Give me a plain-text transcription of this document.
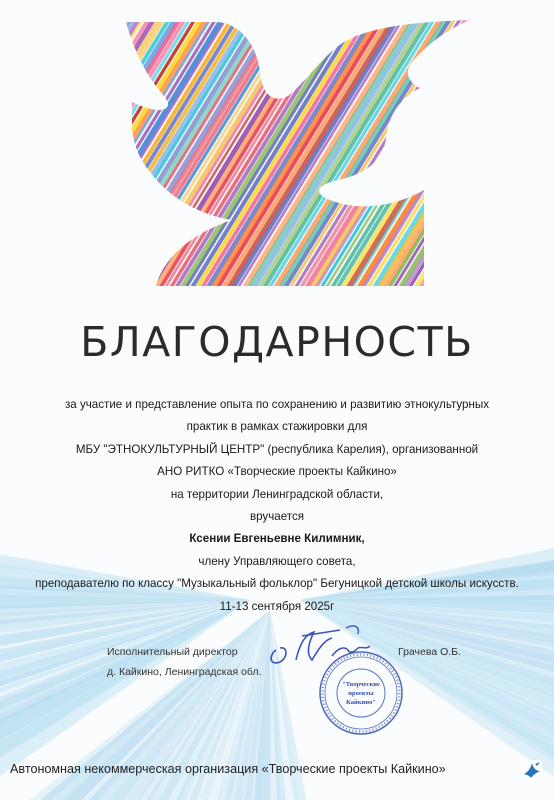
БЛАГОДАРНОСТЬ
за участие и представление опыта по сохранению и развитию этнокультурных
практик в рамках стажировки для
МБУ "ЭТНОКУЛЬТУРНЫЙ ЦЕНТР" (республика Карелия), организованной
АНО РИТКО «Творческие проекты Кайкино»
на территории Ленинградской области,
вручается
Ксении Евгеньевне Килимник,
члену Управляющего совета,
преподавателю по классу "Музыкальный фольклор" Бегуницкой детской школы искусств.
11-13 сентября 2025г
Исполнительный директор
д. Кайкино, Ленинградская обл.
Грачева О.Б.
"Творческие
проекты
Кайкино"
Автономная некоммерческая организация «Творческие проекты Кайкино»
